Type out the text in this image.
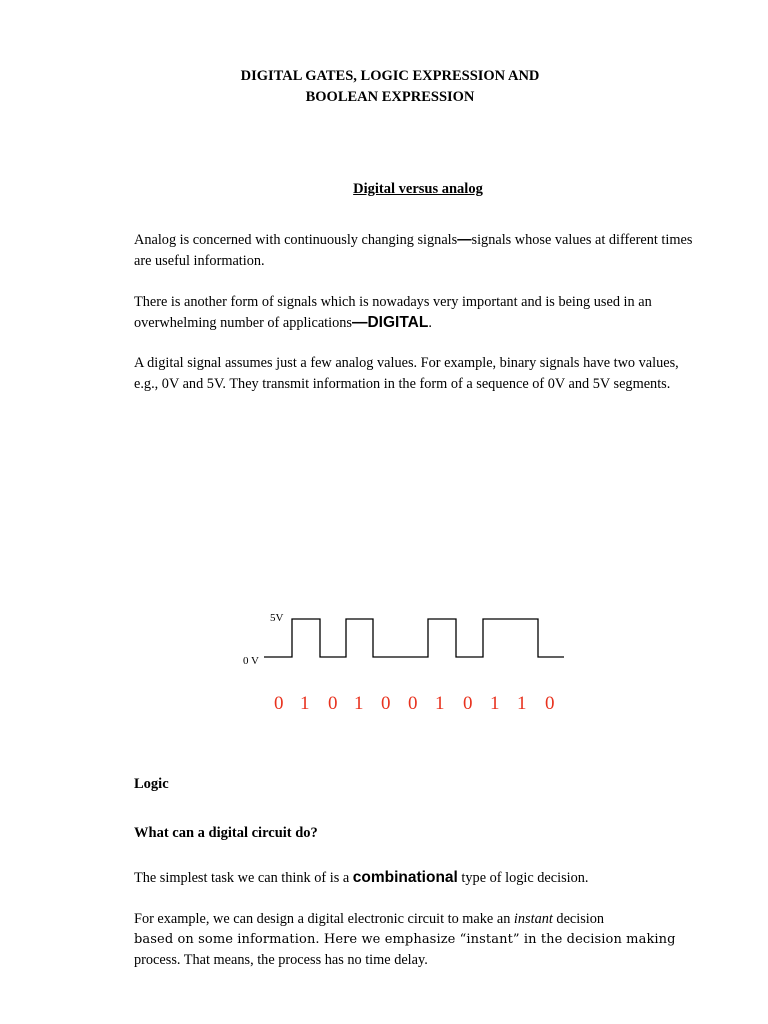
DIGITAL GATES, LOGIC EXPRESSION AND
BOOLEAN EXPRESSION
Digital versus analog

Analog is concerned with continuously changing signals—signals whose values at different times are useful information.

There is another form of signals which is nowadays very important and is being used in an overwhelming number of applications—DIGITAL.

A digital signal assumes just a few analog values. For example, binary signals have two values, e.g., 0V and 5V. They transmit information in the form of a sequence of 0V and 5V segments.

5V
0 V
0 1 0 1 0 0 1 0 1 1 0

Logic

What can a digital circuit do?

The simplest task we can think of is a combinational type of logic decision.

For example, we can design a digital electronic circuit to make an instant decision
based on some information. Here we emphasize “instant” in the decision making
process. That means, the process has no time delay.
